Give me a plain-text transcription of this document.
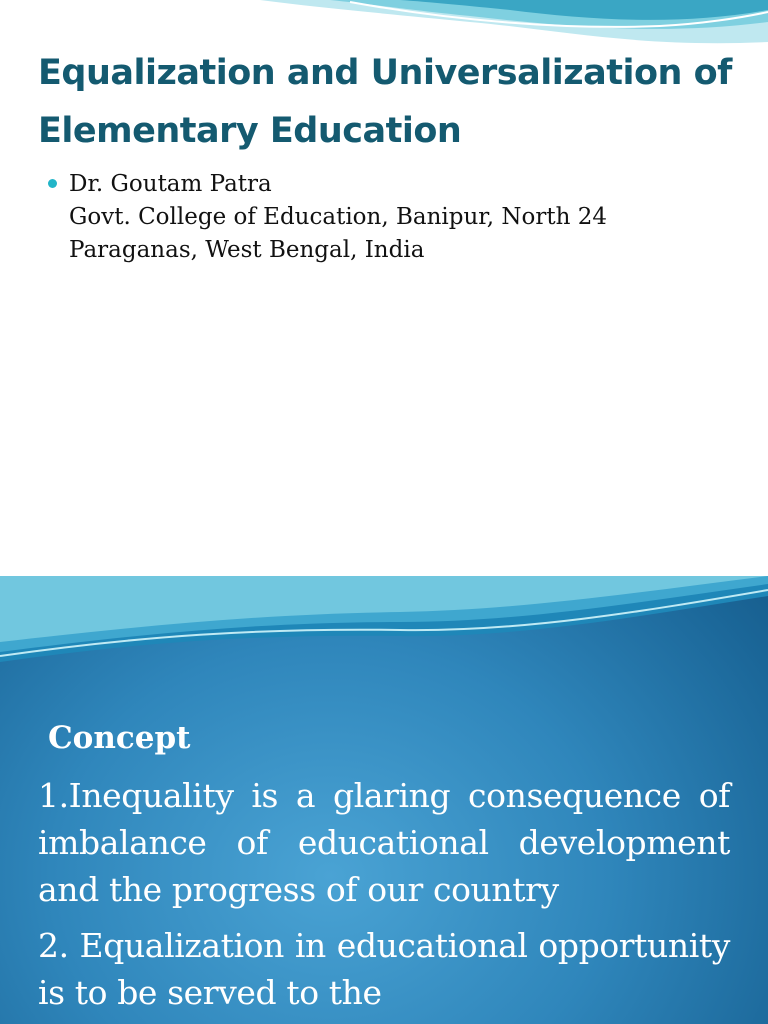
Equalization and Universalization of Elementary Education
Dr. Goutam Patra
Govt. College of Education, Banipur, North 24
Paraganas, West Bengal, India
Concept

1.Inequality is a glaring consequence of imbalance of educational development and the progress of our country

2. Equalization in educational opportunity is to be served to the
